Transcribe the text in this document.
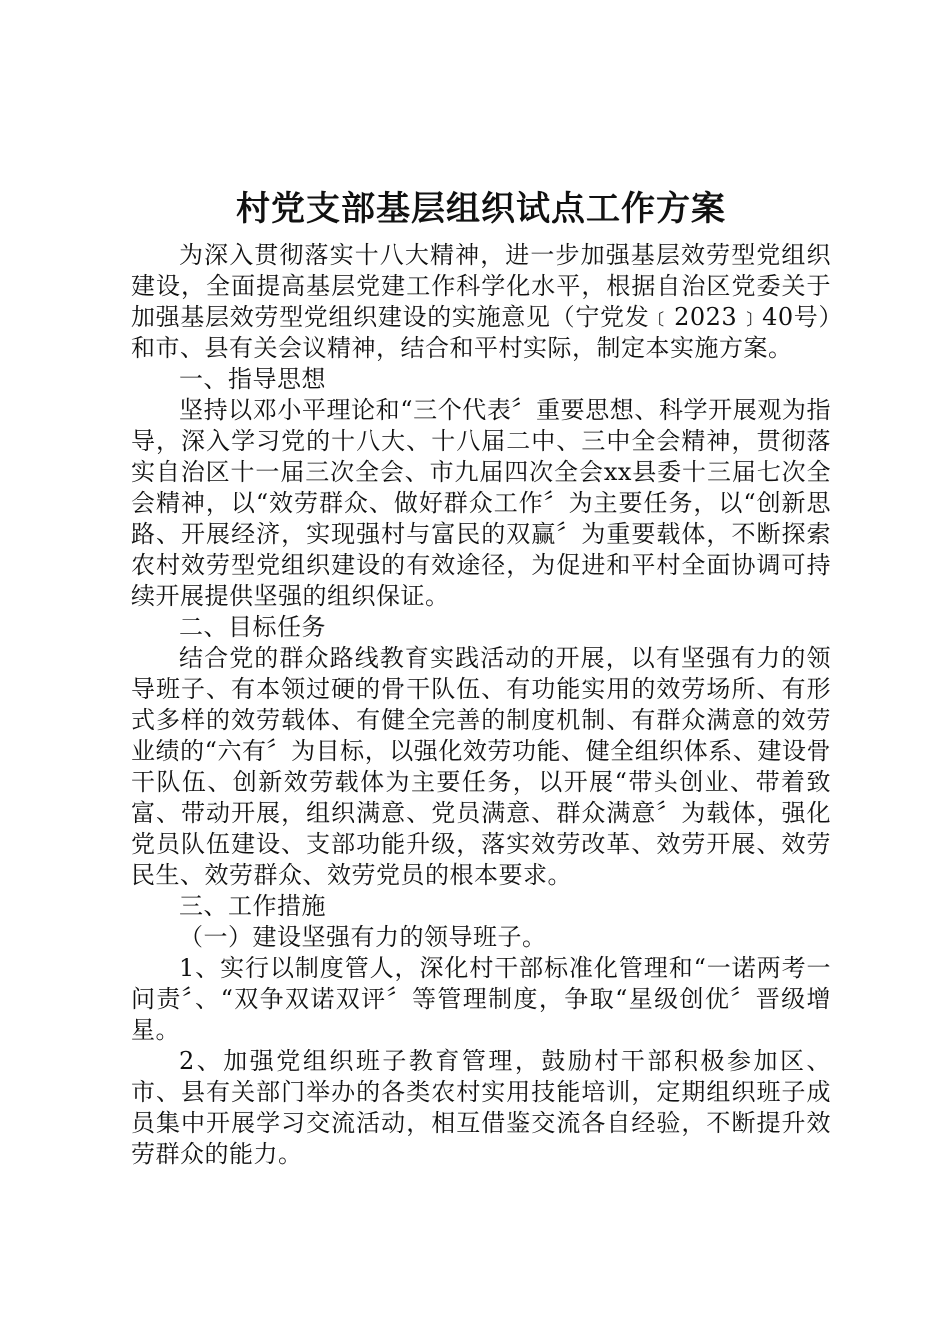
村党支部基层组织试点工作方案

为深入贯彻落实十八大精神，进一步加强基层效劳型党组织建设，全面提高基层党建工作科学化水平，根据自治区党委关于加强基层效劳型党组织建设的实施意见（宁党发﹝2023﹞40号）和市、县有关会议精神，结合和平村实际，制定本实施方案。

一、指导思想

坚持以邓小平理论和“三个代表〞重要思想、科学开展观为指导，深入学习党的十八大、十八届二中、三中全会精神，贯彻落实自治区十一届三次全会、市九届四次全会xx县委十三届七次全会精神，以“效劳群众、做好群众工作〞为主要任务，以“创新思路、开展经济，实现强村与富民的双赢〞为重要载体，不断探索农村效劳型党组织建设的有效途径，为促进和平村全面协调可持续开展提供坚强的组织保证。

二、目标任务

结合党的群众路线教育实践活动的开展，以有坚强有力的领导班子、有本领过硬的骨干队伍、有功能实用的效劳场所、有形式多样的效劳载体、有健全完善的制度机制、有群众满意的效劳业绩的“六有〞为目标，以强化效劳功能、健全组织体系、建设骨干队伍、创新效劳载体为主要任务，以开展“带头创业、带着致富、带动开展，组织满意、党员满意、群众满意〞为载体，强化党员队伍建设、支部功能升级，落实效劳改革、效劳开展、效劳民生、效劳群众、效劳党员的根本要求。

三、工作措施

（一）建设坚强有力的领导班子。

1、实行以制度管人，深化村干部标准化管理和“一诺两考一问责〞、“双争双诺双评〞等管理制度，争取“星级创优〞晋级增星。

2、加强党组织班子教育管理，鼓励村干部积极参加区、市、县有关部门举办的各类农村实用技能培训，定期组织班子成员集中开展学习交流活动，相互借鉴交流各自经验，不断提升效劳群众的能力。
